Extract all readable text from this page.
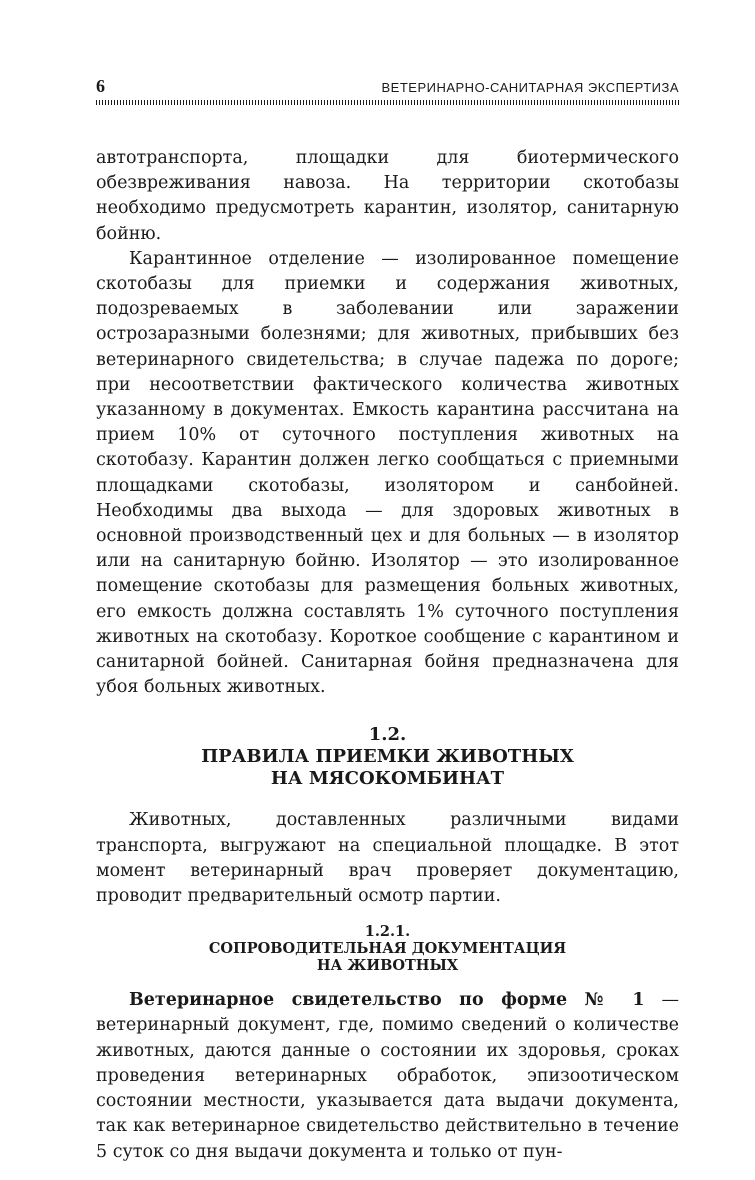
6	ВЕТЕРИНАРНО-САНИТАРНАЯ ЭКСПЕРТИЗА

автотранспорта, площадки для биотермического обезвреживания навоза. На территории скотобазы необходимо предусмотреть карантин, изолятор, санитарную бойню.

Карантинное отделение — изолированное помещение скотобазы для приемки и содержания животных, подозреваемых в заболевании или заражении острозаразными болезнями; для животных, прибывших без ветеринарного свидетельства; в случае падежа по дороге; при несоответствии фактического количества животных указанному в документах. Емкость карантина рассчитана на прием 10% от суточного поступления животных на скотобазу. Карантин должен легко сообщаться с приемными площадками скотобазы, изолятором и санбойней. Необходимы два выхода — для здоровых животных в основной производственный цех и для больных — в изолятор или на санитарную бойню. Изолятор — это изолированное помещение скотобазы для размещения больных животных, его емкость должна составлять 1% суточного поступления животных на скотобазу. Короткое сообщение с карантином и санитарной бойней. Санитарная бойня предназначена для убоя больных животных.

1.2.
ПРАВИЛА ПРИЕМКИ ЖИВОТНЫХ
НА МЯСОКОМБИНАТ

Животных, доставленных различными видами транспорта, выгружают на специальной площадке. В этот момент ветеринарный врач проверяет документацию, проводит предварительный осмотр партии.

1.2.1.
СОПРОВОДИТЕЛЬНАЯ ДОКУМЕНТАЦИЯ
НА ЖИВОТНЫХ

Ветеринарное свидетельство по форме № 1 — ветеринарный документ, где, помимо сведений о количестве животных, даются данные о состоянии их здоровья, сроках проведения ветеринарных обработок, эпизоотическом состоянии местности, указывается дата выдачи документа, так как ветеринарное свидетельство действительно в течение 5 суток со дня выдачи документа и только от пун-
